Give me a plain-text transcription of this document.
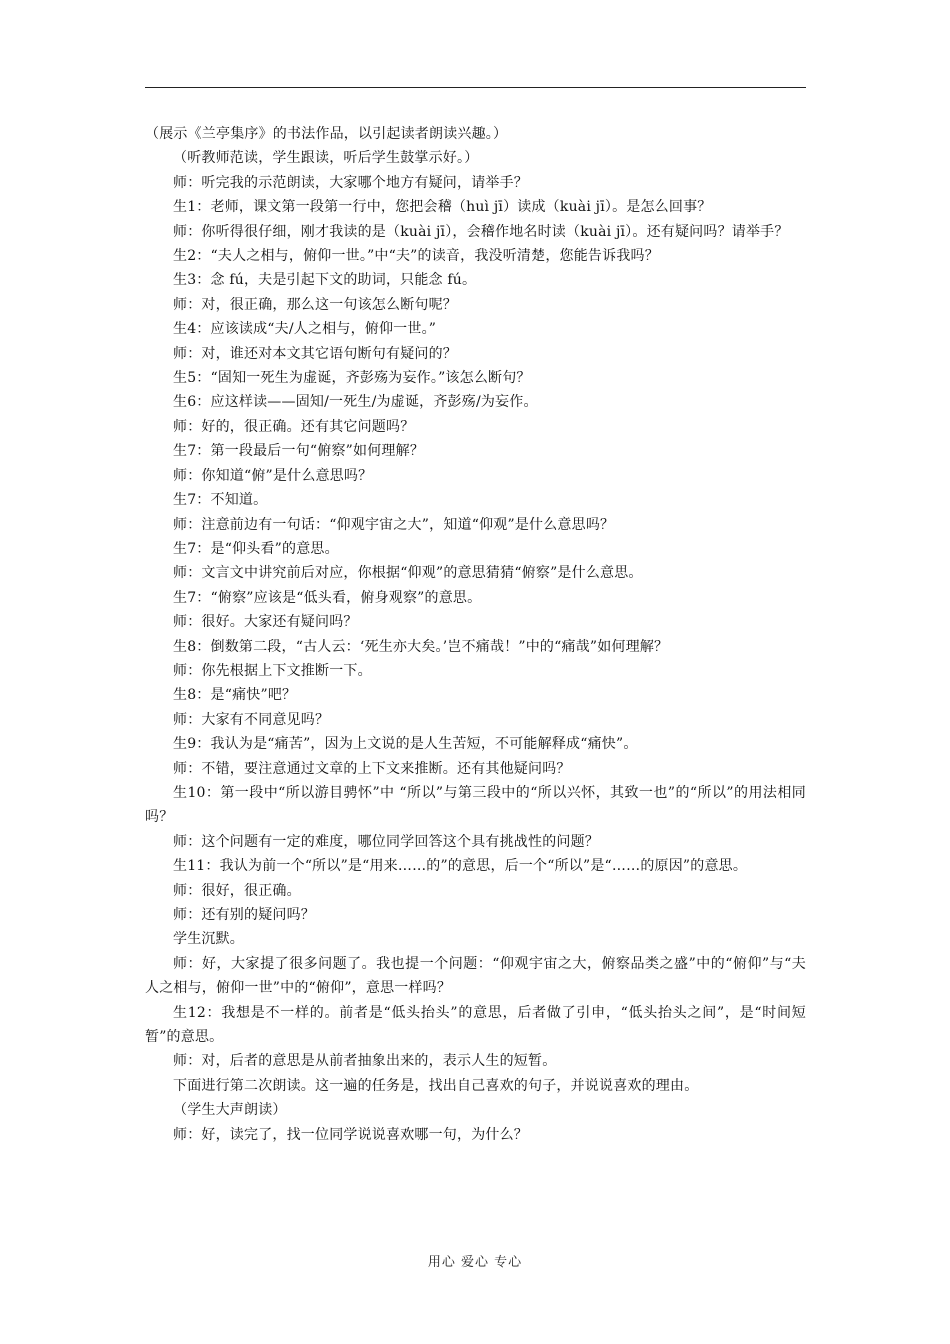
（展示《兰亭集序》的书法作品，以引起读者朗读兴趣。）

（听教师范读，学生跟读，听后学生鼓掌示好。）

师：听完我的示范朗读，大家哪个地方有疑问，请举手？

生1：老师，课文第一段第一行中，您把会稽（huì jī）读成（kuài jī）。是怎么回事？

师：你听得很仔细，刚才我读的是（kuài jī），会稽作地名时读（kuài jī）。还有疑问吗？请举手？

生2：“夫人之相与，俯仰一世。”中“夫”的读音，我没听清楚，您能告诉我吗？

生3：念 fú，夫是引起下文的助词，只能念 fú。

师：对，很正确，那么这一句该怎么断句呢？

生4：应该读成“夫/人之相与，俯仰一世。”

师：对，谁还对本文其它语句断句有疑问的？

生5：“固知一死生为虚诞，齐彭殇为妄作。”该怎么断句？

生6：应这样读——固知/一死生/为虚诞，齐彭殇/为妄作。

师：好的，很正确。还有其它问题吗？

生7：第一段最后一句“俯察”如何理解？

师：你知道“俯”是什么意思吗？

生7：不知道。

师：注意前边有一句话：“仰观宇宙之大”，知道“仰观”是什么意思吗？

生7：是“仰头看”的意思。

师：文言文中讲究前后对应，你根据“仰观”的意思猜猜“俯察”是什么意思。

生7：“俯察”应该是“低头看，俯身观察”的意思。

师：很好。大家还有疑问吗？

生8：倒数第二段，“古人云：‘死生亦大矣。’岂不痛哉！”中的“痛哉”如何理解？

师：你先根据上下文推断一下。

生8：是“痛快”吧？

师：大家有不同意见吗？

生9：我认为是“痛苦”，因为上文说的是人生苦短，不可能解释成“痛快”。

师：不错，要注意通过文章的上下文来推断。还有其他疑问吗？

生10：第一段中“所以游目骋怀”中 “所以”与第三段中的“所以兴怀，其致一也”的“所以”的用法相同吗？

师：这个问题有一定的难度，哪位同学回答这个具有挑战性的问题？

生11：我认为前一个“所以”是“用来……的”的意思，后一个“所以”是“……的原因”的意思。

师：很好，很正确。

师：还有别的疑问吗？

学生沉默。

师：好，大家提了很多问题了。我也提一个问题：“仰观宇宙之大，俯察品类之盛”中的“俯仰”与“夫人之相与，俯仰一世”中的“俯仰”，意思一样吗？

生12：我想是不一样的。前者是“低头抬头”的意思，后者做了引申，“低头抬头之间”，是“时间短暂”的意思。

师：对，后者的意思是从前者抽象出来的，表示人生的短暂。

下面进行第二次朗读。这一遍的任务是，找出自己喜欢的句子，并说说喜欢的理由。

（学生大声朗读）

师：好，读完了，找一位同学说说喜欢哪一句，为什么？

用心 爱心 专心
